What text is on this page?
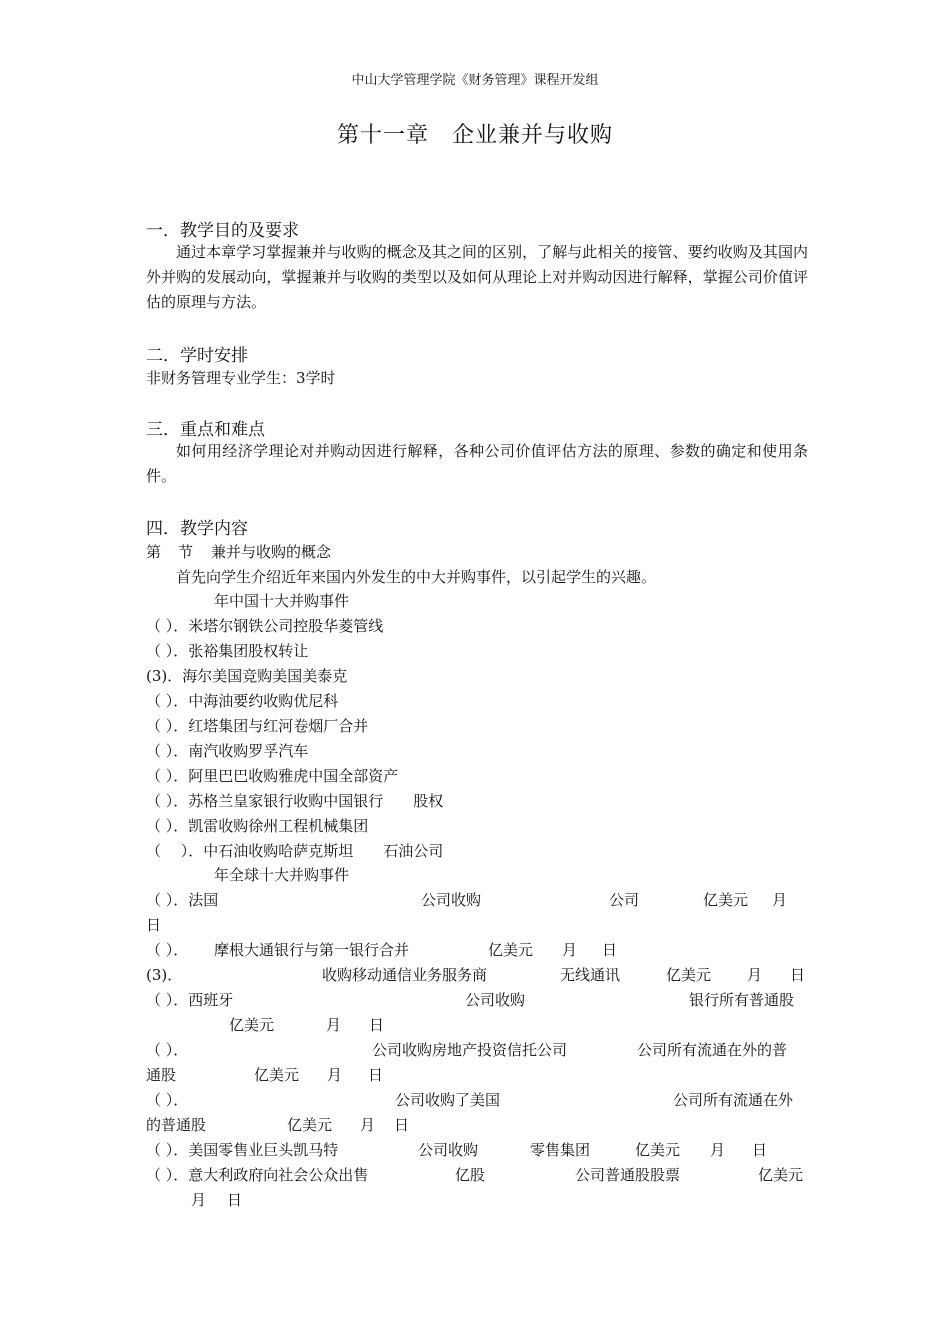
中山大学管理学院《财务管理》课程开发组
第十一章　企业兼并与收购
一．教学目的及要求

通过本章学习掌握兼并与收购的概念及其之间的区别，了解与此相关的接管、要约收购及其国内外并购的发展动向，掌握兼并与收购的类型以及如何从理论上对并购动因进行解释，掌握公司价值评估的原理与方法。

二．学时安排
非财务管理专业学生：3学时
三．重点和难点

如何用经济学理论对并购动因进行解释，各种公司价值评估方法的原理、参数的确定和使用条件。

四．教学内容
第 节 兼并与收购的概念
首先向学生介绍近年来国内外发生的中大并购事件，以引起学生的兴趣。
年中国十大并购事件
（ ）．米塔尔钢铁公司控股华菱管线
（ ）．张裕集团股权转让
(3)．海尔美国竞购美国美泰克
（ ）．中海油要约收购优尼科
（ ）．红塔集团与红河卷烟厂合并
（ ）．南汽收购罗孚汽车
（ ）．阿里巴巴收购雅虎中国全部资产
（ ）．苏格兰皇家银行收购中国银行　　股权
（ ）．凯雷收购徐州工程机械集团
（　 ）．中石油收购哈萨克斯坦　　石油公司
年全球十大并购事件
（ ）．法国	公司收购	公司	亿美元 月
日
（ ）． 摩根大通银行与第一银行合并	亿美元 月 日
(3)．	收购移动通信业务服务商	无线通讯	亿美元 月 日
（ ）．西班牙	公司收购	银行所有普通股
亿美元	月 日
（ ）．	公司收购房地产投资信托公司	公司所有流通在外的普
通股	亿美元 月 日
（ ）．	公司收购了美国	公司所有流通在外
的普通股	亿美元 月 日
（ ）．美国零售业巨头凯马特	公司收购	零售集团	亿美元 月 日
（ ）．意大利政府向社会公众出售	亿股	公司普通股股票	亿美元
月 日
